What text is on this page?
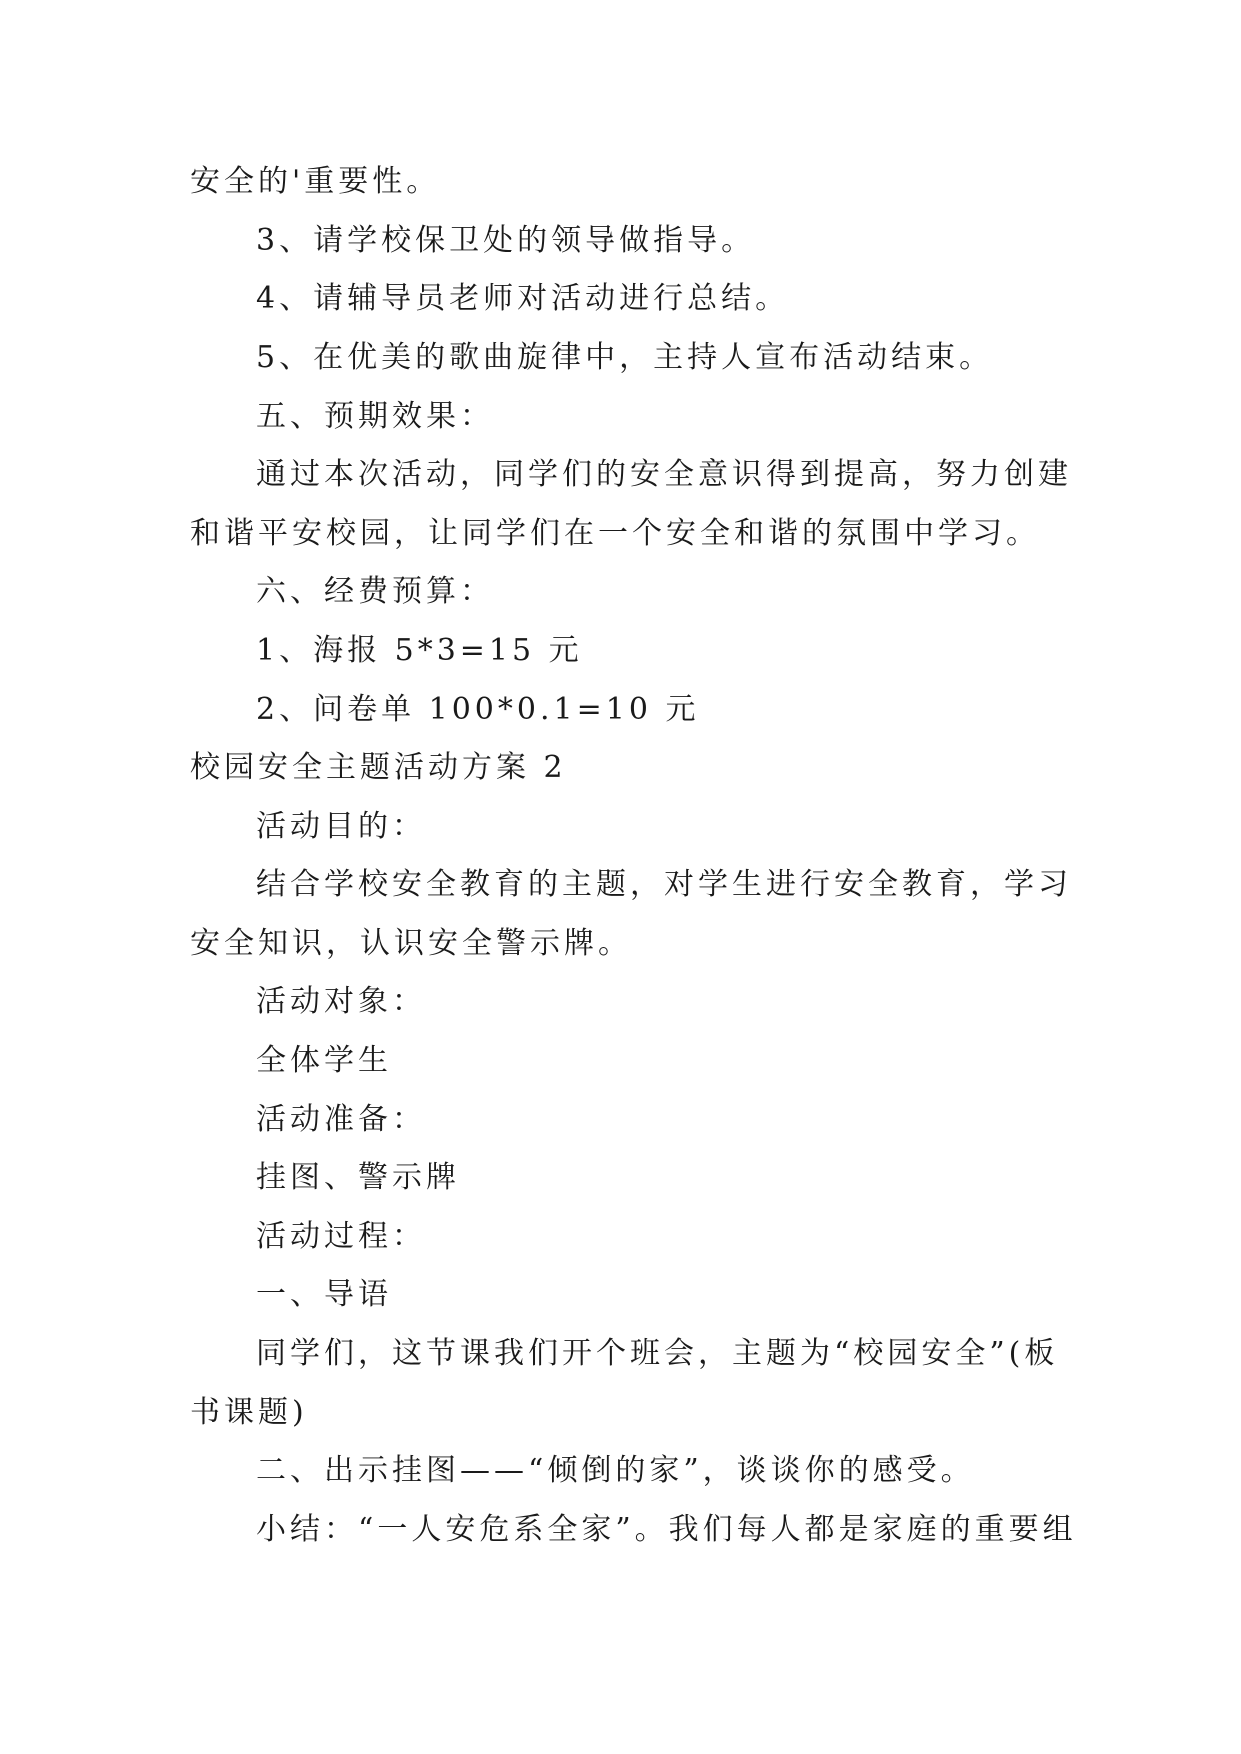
安全的'重要性。
3、请学校保卫处的领导做指导。
4、请辅导员老师对活动进行总结。
5、在优美的歌曲旋律中，主持人宣布活动结束。
五、预期效果：
通过本次活动，同学们的安全意识得到提高，努力创建
和谐平安校园，让同学们在一个安全和谐的氛围中学习。
六、经费预算：
1、海报 5*3=15 元
2、问卷单 100*0.1=10 元
校园安全主题活动方案 2
活动目的：
结合学校安全教育的主题，对学生进行安全教育，学习
安全知识，认识安全警示牌。
活动对象：
全体学生
活动准备：
挂图、警示牌
活动过程：
一、导语
同学们，这节课我们开个班会，主题为“校园安全”(板
书课题)
二、出示挂图——“倾倒的家”，谈谈你的感受。
小结：“一人安危系全家”。我们每人都是家庭的重要组
